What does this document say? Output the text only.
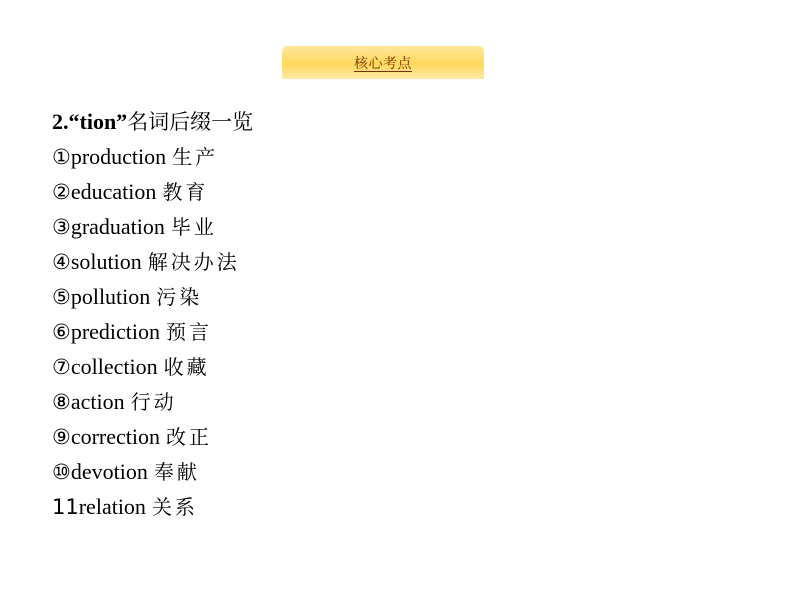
核心考点
2.“tion”名词后缀一览
①production 生产
②education 教育
③graduation 毕业
④solution 解决办法
⑤pollution 污染
⑥prediction 预言
⑦collection 收藏
⑧action 行动
⑨correction 改正
⑩devotion 奉献
11relation 关系
